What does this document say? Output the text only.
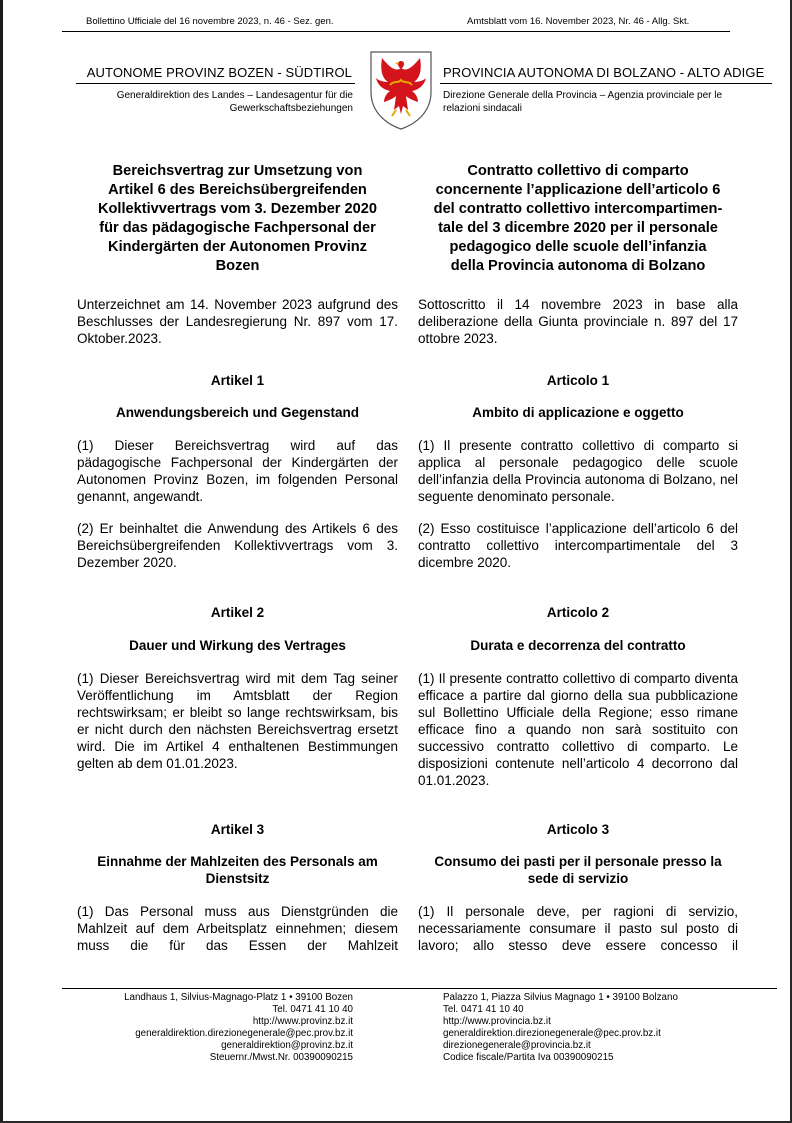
Bollettino Ufficiale del 16 novembre 2023, n. 46 - Sez. gen.	Amtsblatt vom 16. November 2023, Nr. 46 - Allg. Skt.
AUTONOME PROVINZ BOZEN - SÜDTIROL	PROVINCIA AUTONOMA DI BOLZANO - ALTO ADIGE
Generaldirektion des Landes – Landesagentur für die
Gewerkschaftsbeziehungen
Direzione Generale della Provincia – Agenzia provinciale per le
relazioni sindacali
Bereichsvertrag zur Umsetzung von
Artikel 6 des Bereichsübergreifenden
Kollektivvertrags vom 3. Dezember 2020
für das pädagogische Fachpersonal der
Kindergärten der Autonomen Provinz
Bozen
Unterzeichnet am 14. November 2023 aufgrund des Beschlusses der Landesregierung Nr. 897 vom 17. Oktober.2023.
Artikel 1
Anwendungsbereich und Gegenstand
(1) Dieser Bereichsvertrag wird auf das pädagogische Fachpersonal der Kindergärten der Autonomen Provinz Bozen, im folgenden Personal genannt, angewandt.
(2) Er beinhaltet die Anwendung des Artikels 6 des Bereichsübergreifenden Kollektivvertrags vom 3. Dezember 2020.
Artikel 2
Dauer und Wirkung des Vertrages
(1) Dieser Bereichsvertrag wird mit dem Tag seiner Veröffentlichung im Amtsblatt der Region rechtswirksam; er bleibt so lange rechtswirksam, bis er nicht durch den nächsten Bereichsvertrag ersetzt wird. Die im Artikel 4 enthaltenen Bestimmungen gelten ab dem 01.01.2023.
Artikel 3
Einnahme der Mahlzeiten des Personals am
Dienstsitz
(1) Das Personal muss aus Dienstgründen die Mahlzeit auf dem Arbeitsplatz einnehmen; diesem muss die für das Essen der Mahlzeit
Contratto collettivo di comparto
concernente l’applicazione dell’articolo 6
del contratto collettivo intercompartimen-
tale del 3 dicembre 2020 per il personale
pedagogico delle scuole dell’infanzia
della Provincia autonoma di Bolzano
Sottoscritto il 14 novembre 2023 in base alla deliberazione della Giunta provinciale n. 897 del 17 ottobre 2023.
Articolo 1
Ambito di applicazione e oggetto
(1) Il presente contratto collettivo di comparto si applica al personale pedagogico delle scuole dell’infanzia della Provincia autonoma di Bolzano, nel seguente denominato personale.
(2) Esso costituisce l’applicazione dell’articolo 6 del contratto collettivo intercompartimentale del 3 dicembre 2020.
Articolo 2
Durata e decorrenza del contratto
(1) Il presente contratto collettivo di comparto diventa efficace a partire dal giorno della sua pubblicazione sul Bollettino Ufficiale della Regione; esso rimane efficace fino a quando non sarà sostituito con successivo contratto collettivo di comparto. Le disposizioni contenute nell’articolo 4 decorrono dal 01.01.2023.
Articolo 3
Consumo dei pasti per il personale presso la
sede di servizio
(1) Il personale deve, per ragioni di servizio, necessariamente consumare il pasto sul posto di lavoro; allo stesso deve essere concesso il
Landhaus 1, Silvius-Magnago-Platz 1 • 39100 Bozen
Tel. 0471 41 10 40
http://www.provinz.bz.it
generaldirektion.direzionegenerale@pec.prov.bz.it
generaldirektion@provinz.bz.it
Steuernr./Mwst.Nr. 00390090215
Palazzo 1, Piazza Silvius Magnago 1 • 39100 Bolzano
Tel. 0471 41 10 40
http://www.provincia.bz.it
generaldirektion.direzionegenerale@pec.prov.bz.it
direzionegenerale@provincia.bz.it
Codice fiscale/Partita Iva 00390090215
